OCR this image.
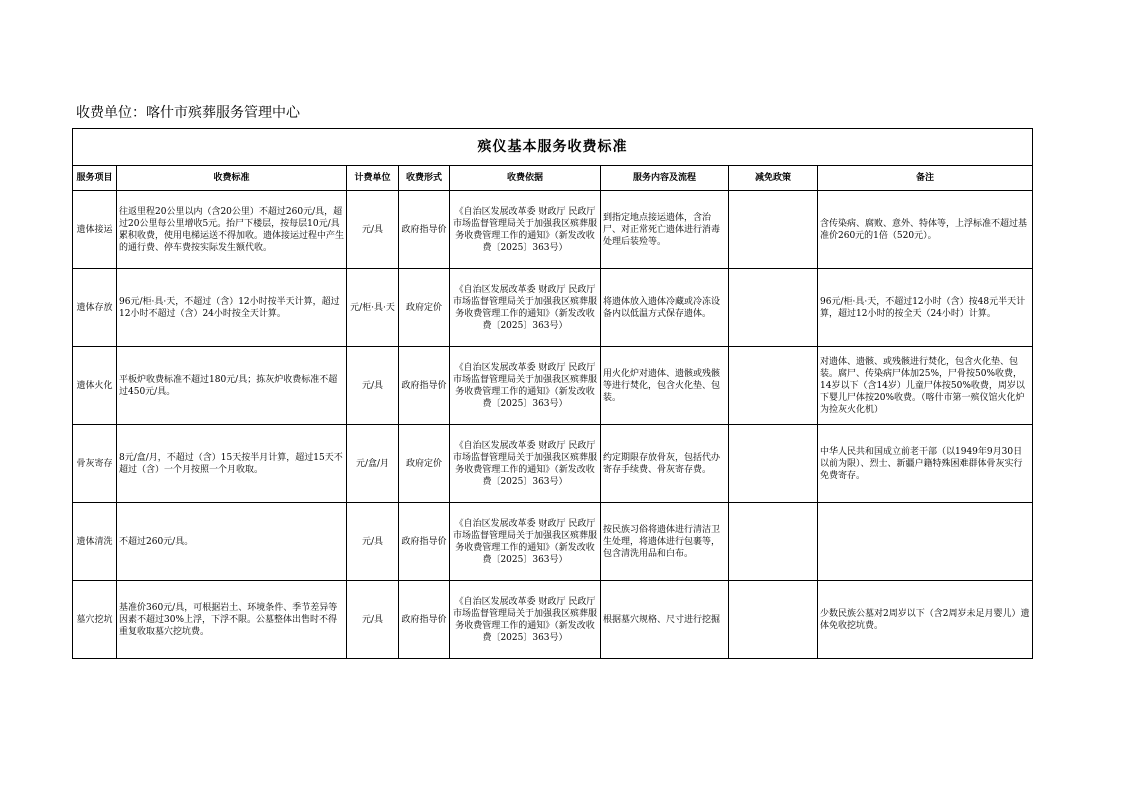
收费单位：喀什市殡葬服务管理中心
殡仪基本服务收费标准							
服务项目	收费标准	计费单位	收费形式	收费依据	服务内容及流程	减免政策	备注
遗体接运	往返里程20公里以内（含20公里）不超过260元/具，超过20公里每公里增收5元。抬尸下楼层，按每层10元/具累积收费，使用电梯运送不得加收。遗体接运过程中产生的通行费、停车费按实际发生额代收。	元/具	政府指导价	《自治区发展改革委 财政厅 民政厅 市场监督管理局关于加强我区殡葬服务收费管理工作的通知》（新发改收费〔2025〕363号）	到指定地点接运遗体，含治尸、对正常死亡遗体进行消毒处理后装殓等。		含传染病、腐败、意外、特体等，上浮标准不超过基准价260元的1倍（520元）。
遗体存放	96元/柜·具·天，不超过（含）12小时按半天计算，超过12小时不超过（含）24小时按全天计算。	元/柜·具·天	政府定价	《自治区发展改革委 财政厅 民政厅 市场监督管理局关于加强我区殡葬服务收费管理工作的通知》（新发改收费〔2025〕363号）	将遗体放入遗体冷藏或冷冻设备内以低温方式保存遗体。		96元/柜·具·天，不超过12小时（含）按48元半天计算，超过12小时的按全天（24小时）计算。
遗体火化	平板炉收费标准不超过180元/具；拣灰炉收费标准不超过450元/具。	元/具	政府指导价	《自治区发展改革委 财政厅 民政厅 市场监督管理局关于加强我区殡葬服务收费管理工作的通知》（新发改收费〔2025〕363号）	用火化炉对遗体、遗骸或残骸等进行焚化，包含火化垫、包装。		对遗体、遗骸、或残骸进行焚化，包含火化垫、包装。腐尸、传染病尸体加25%，尸骨按50%收费，14岁以下（含14岁）儿童尸体按50%收费，周岁以下婴儿尸体按20%收费。（喀什市第一殡仪馆火化炉为捡灰火化机）
骨灰寄存	8元/盒/月，不超过（含）15天按半月计算，超过15天不超过（含）一个月按照一个月收取。	元/盒/月	政府定价	《自治区发展改革委 财政厅 民政厅 市场监督管理局关于加强我区殡葬服务收费管理工作的通知》（新发改收费〔2025〕363号）	约定期限存放骨灰，包括代办寄存手续费、骨灰寄存费。		中华人民共和国成立前老干部（以1949年9月30日以前为限）、烈士、新疆户籍特殊困难群体骨灰实行免费寄存。
遗体清洗	不超过260元/具。	元/具	政府指导价	《自治区发展改革委 财政厅 民政厅 市场监督管理局关于加强我区殡葬服务收费管理工作的通知》（新发改收费〔2025〕363号）	按民族习俗将遗体进行清洁卫生处理，将遗体进行包裹等，包含清洗用品和白布。		
墓穴挖坑	基准价360元/具，可根据岩土、环境条件、季节差异等因素不超过30%上浮，下浮不限。公墓整体出售时不得重复收取墓穴挖坑费。	元/具	政府指导价	《自治区发展改革委 财政厅 民政厅 市场监督管理局关于加强我区殡葬服务收费管理工作的通知》（新发改收费〔2025〕363号）	根据墓穴规格、尺寸进行挖掘		少数民族公墓对2周岁以下（含2周岁未足月婴儿）遗体免收挖坑费。
